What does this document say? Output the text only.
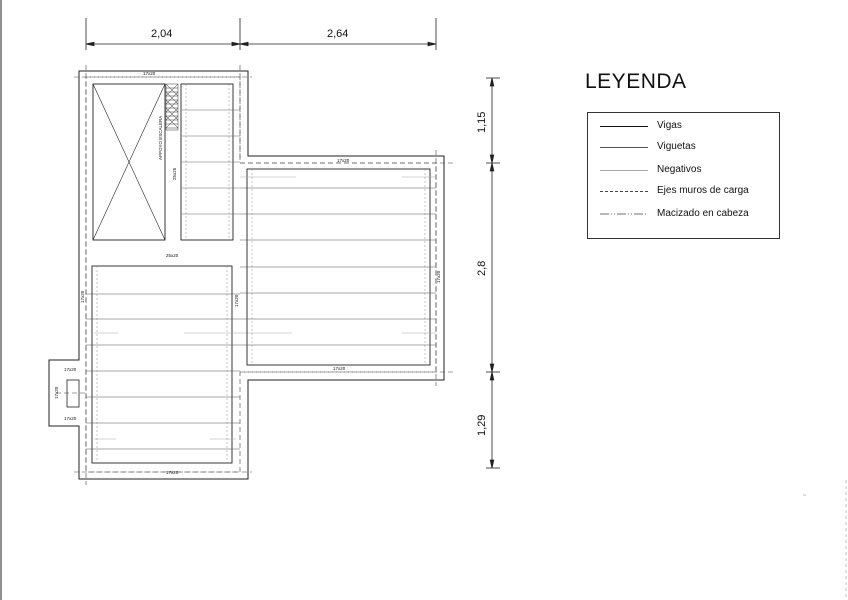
2,04	2,64
1,15
2,8
1,29
APPOYO ESCALERA
17x20
17x20
17x20	17x20
17x20
17x20
17x20
25x25
25x20
17x20
17x20
17x20
LEYENDA
Vigas
Viguetas
Negativos
Ejes muros de carga
Macizado en cabeza
